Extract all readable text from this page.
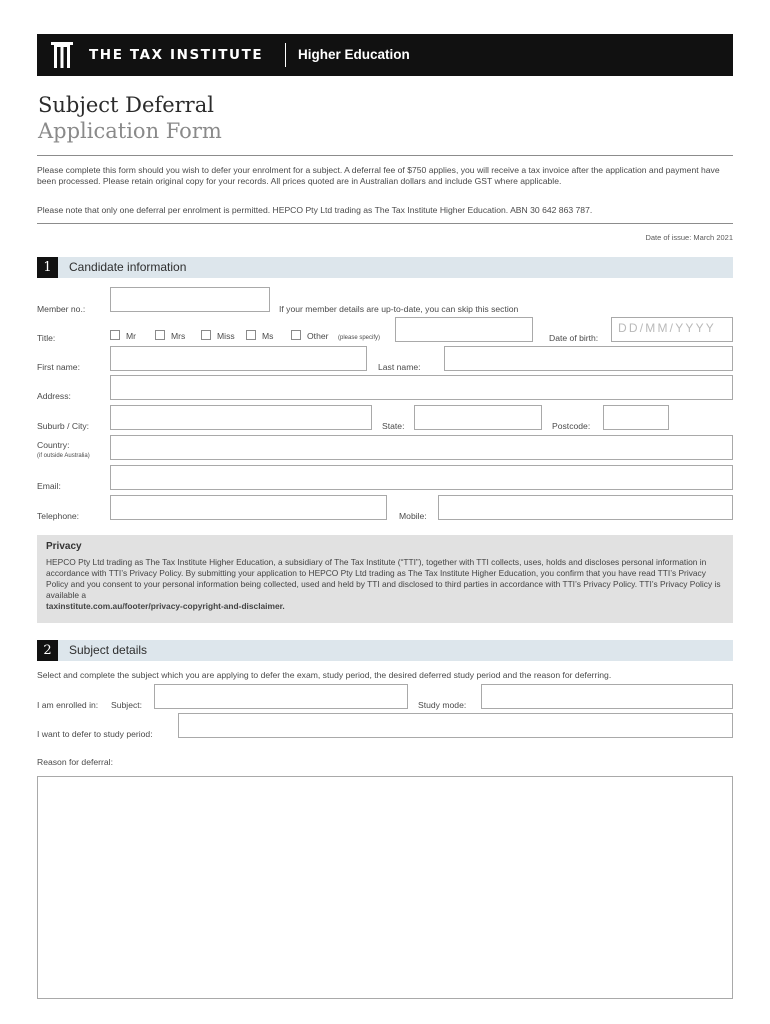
THE TAX INSTITUTE	Higher Education
Subject Deferral
Application Form
Please complete this form should you wish to defer your enrolment for a subject. A deferral fee of $750 applies, you will receive a tax invoice after the application and payment have been processed. Please retain original copy for your records. All prices quoted are in Australian dollars and include GST where applicable.
Please note that only one deferral per enrolment is permitted. HEPCO Pty Ltd trading as The Tax Institute Higher Education. ABN 30 642 863 787.
Date of issue: March 2021
1	Candidate information
Member no.:	If your member details are up-to-date, you can skip this section
Title:	Mr	Mrs	Miss	Ms	Other (please specify)	Date of birth:
DD/MM/YYYY
First name:	Last name:
Address:
Suburb / City:	State:	Postcode:
Country:
(if outside Australia)
Email:
Telephone:	Mobile:
Privacy
HEPCO Pty Ltd trading as The Tax Institute Higher Education, a subsidiary of The Tax Institute (“TTI”), together with TTI collects, uses, holds and discloses personal information in accordance with TTI’s Privacy Policy. By submitting your application to HEPCO Pty Ltd trading as The Tax Institute Higher Education, you confirm that you have read TTI’s Privacy Policy and you consent to your personal information being collected, used and held by TTI and disclosed to third parties in accordance with TTI’s Privacy Policy. TTI’s Privacy Policy is available a
taxinstitute.com.au/footer/privacy-copyright-and-disclaimer.
2	Subject details
Select and complete the subject which you are applying to defer the exam, study period, the desired deferred study period and the reason for deferring.
I am enrolled in: Subject:	Study mode:
I want to defer to study period:
Reason for deferral:
